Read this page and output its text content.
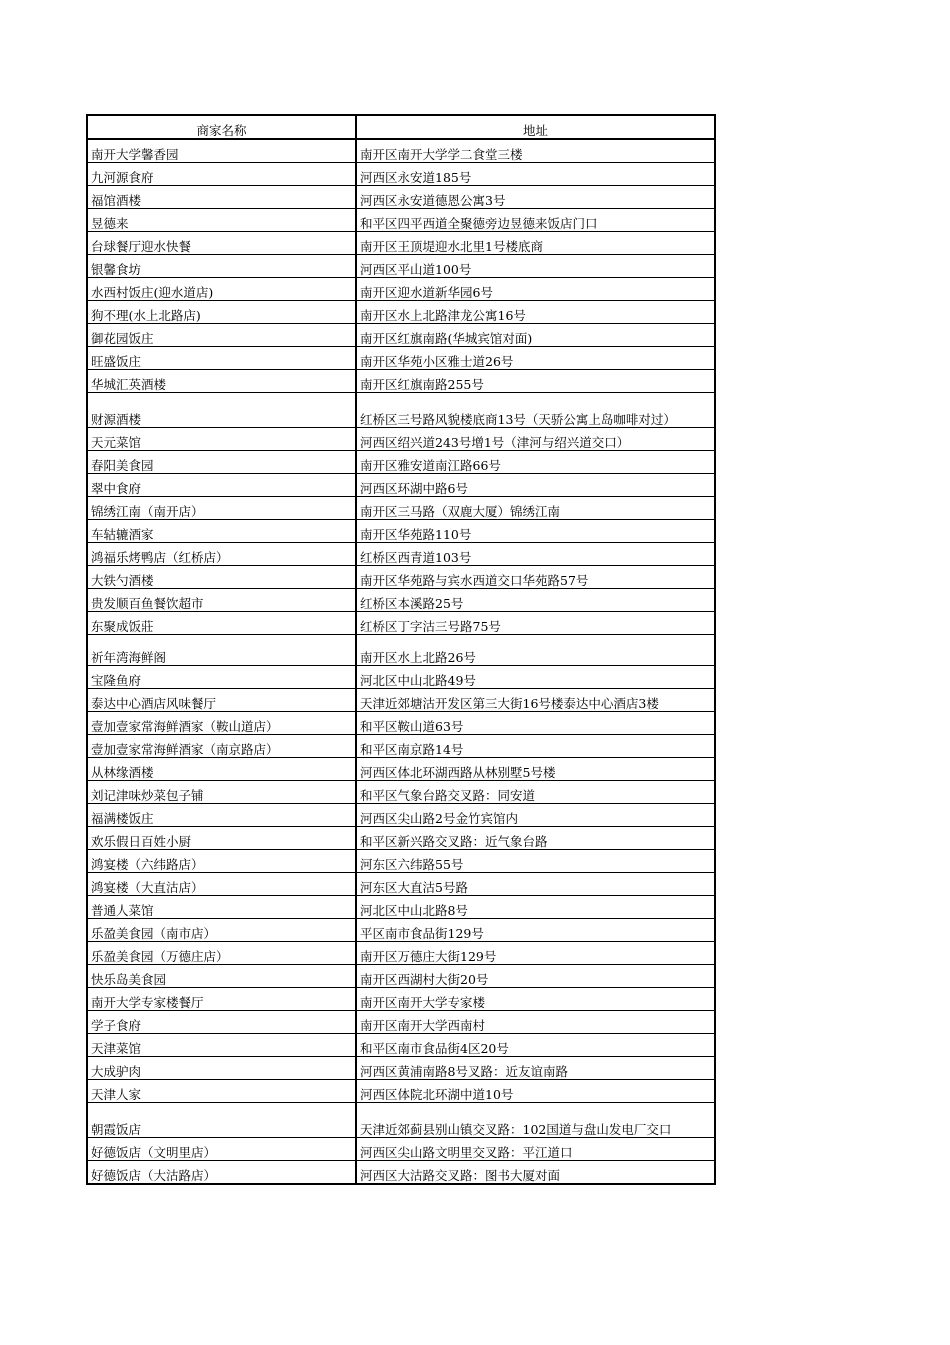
商家名称	地址
南开大学馨香园	南开区南开大学学二食堂三楼
九河源食府	河西区永安道185号
福馆酒楼	河西区永安道德恩公寓3号
昱德来	和平区四平西道全聚德旁边昱德来饭店门口
台球餐厅迎水快餐	南开区王顶堤迎水北里1号楼底商
银馨食坊	河西区平山道100号
水西村饭庄(迎水道店)	南开区迎水道新华园6号
狗不理(水上北路店)	南开区水上北路津龙公寓16号
御花园饭庄	南开区红旗南路(华城宾馆对面)
旺盛饭庄	南开区华苑小区雅士道26号
华城汇英酒楼	南开区红旗南路255号
财源酒楼	红桥区三号路风貌楼底商13号（天骄公寓上岛咖啡对过）
天元菜馆	河西区绍兴道243号增1号（津河与绍兴道交口）
春阳美食园	南开区雅安道南江路66号
翠中食府	河西区环湖中路6号
锦绣江南（南开店）	南开区三马路（双鹿大厦）锦绣江南
车轱辘酒家	南开区华苑路110号
鸿福乐烤鸭店（红桥店）	红桥区西青道103号
大铁勺酒楼	南开区华苑路与宾水西道交口华苑路57号
贵发顺百鱼餐饮超市	红桥区本溪路25号
东聚成饭莊	红桥区丁字沽三号路75号
祈年湾海鲜阁	南开区水上北路26号
宝隆鱼府	河北区中山北路49号
泰达中心酒店风味餐厅	天津近郊塘沽开发区第三大街16号楼泰达中心酒店3楼
壹加壹家常海鲜酒家（鞍山道店）	和平区鞍山道63号
壹加壹家常海鲜酒家（南京路店）	和平区南京路14号
从林缘酒楼	河西区体北环湖西路从林别墅5号楼
刘记津味炒菜包子铺	和平区气象台路交叉路：同安道
福满楼饭庄	河西区尖山路2号金竹宾馆内
欢乐假日百姓小厨	和平区新兴路交叉路：近气象台路
鸿宴楼（六纬路店）	河东区六纬路55号
鸿宴楼（大直沽店）	河东区大直沽5号路
普通人菜馆	河北区中山北路8号
乐盈美食园（南市店）	平区南市食品街129号
乐盈美食园（万德庄店）	南开区万德庄大街129号
快乐岛美食园	南开区西湖村大街20号
南开大学专家楼餐厅	南开区南开大学专家楼
学子食府	南开区南开大学西南村
天津菜馆	和平区南市食品街4区20号
大成驴肉	河西区黄浦南路8号叉路：近友谊南路
天津人家	河西区体院北环湖中道10号
朝霞饭店	天津近郊蓟县别山镇交叉路：102国道与盘山发电厂交口
好德饭店（文明里店）	河西区尖山路文明里交叉路：平江道口
好德饭店（大沽路店）	河西区大沽路交叉路：图书大厦对面
